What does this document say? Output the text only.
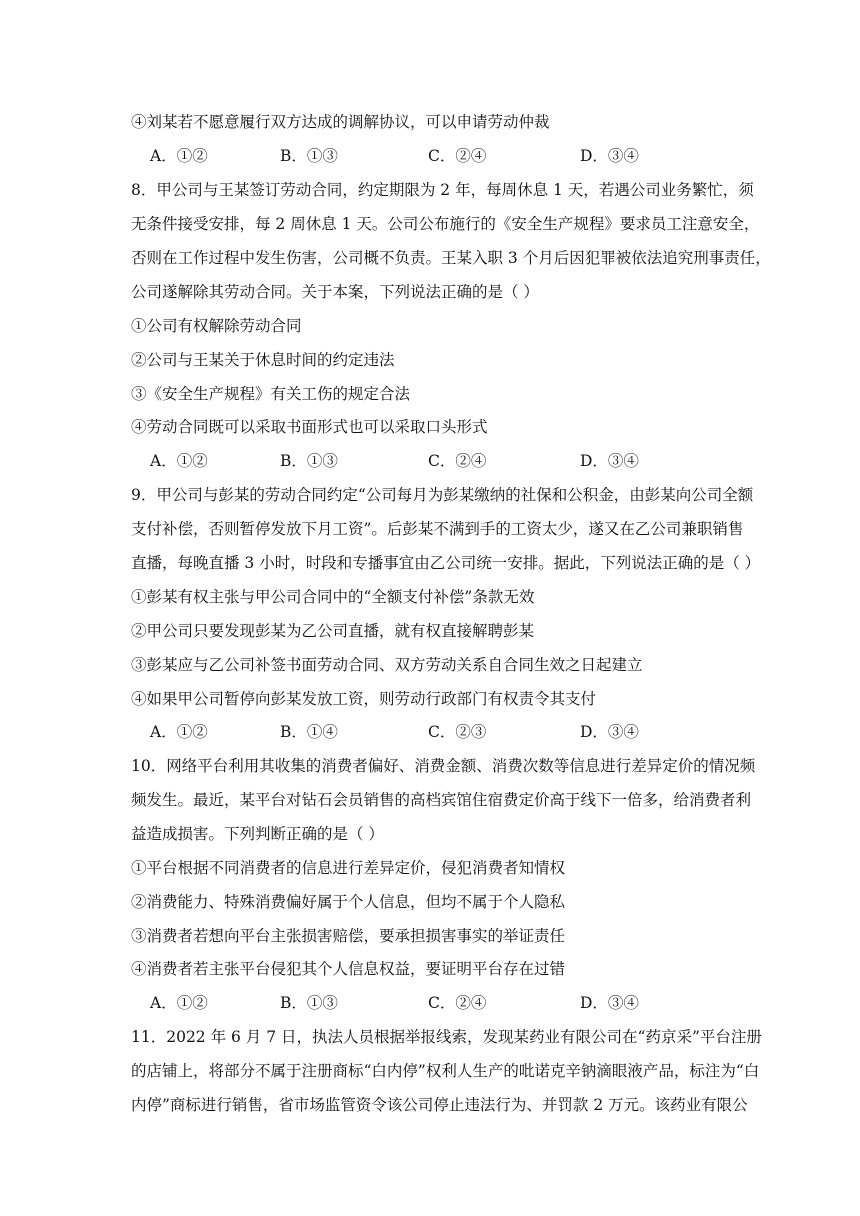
④刘某若不愿意履行双方达成的调解协议，可以申请劳动仲裁
A．①②	B．①③	C．②④	D．③④
8．甲公司与王某签订劳动合同，约定期限为 2 年，每周休息 1 天，若遇公司业务繁忙，须
无条件接受安排，每 2 周休息 1 天。公司公布施行的《安全生产规程》要求员工注意安全，
否则在工作过程中发生伤害，公司概不负责。王某入职 3 个月后因犯罪被依法追究刑事责任，
公司遂解除其劳动合同。关于本案，下列说法正确的是（ ）
①公司有权解除劳动合同
②公司与王某关于休息时间的约定违法
③《安全生产规程》有关工伤的规定合法
④劳动合同既可以采取书面形式也可以采取口头形式
A．①②	B．①③	C．②④	D．③④
9．甲公司与彭某的劳动合同约定“公司每月为彭某缴纳的社保和公积金，由彭某向公司全额
支付补偿，否则暂停发放下月工资”。后彭某不满到手的工资太少，遂又在乙公司兼职销售
直播，每晚直播 3 小时，时段和专播事宜由乙公司统一安排。据此，下列说法正确的是（ ）
①彭某有权主张与甲公司合同中的“全额支付补偿”条款无效
②甲公司只要发现彭某为乙公司直播，就有权直接解聘彭某
③彭某应与乙公司补签书面劳动合同、双方劳动关系自合同生效之日起建立
④如果甲公司暂停向彭某发放工资，则劳动行政部门有权责令其支付
A．①②	B．①④	C．②③	D．③④
10．网络平台利用其收集的消费者偏好、消费金额、消费次数等信息进行差异定价的情况频
频发生。最近，某平台对钻石会员销售的高档宾馆住宿费定价高于线下一倍多，给消费者利
益造成损害。下列判断正确的是（ ）
①平台根据不同消费者的信息进行差异定价，侵犯消费者知情权
②消费能力、特殊消费偏好属于个人信息，但均不属于个人隐私
③消费者若想向平台主张损害赔偿，要承担损害事实的举证责任
④消费者若主张平台侵犯其个人信息权益，要证明平台存在过错
A．①②	B．①③	C．②④	D．③④
11．2022 年 6 月 7 日，执法人员根据举报线索，发现某药业有限公司在“药京采”平台注册
的店铺上，将部分不属于注册商标“白内停”权利人生产的吡诺克辛钠滴眼液产品，标注为“白
内停”商标进行销售，省市场监管资令该公司停止违法行为、并罚款 2 万元。该药业有限公
